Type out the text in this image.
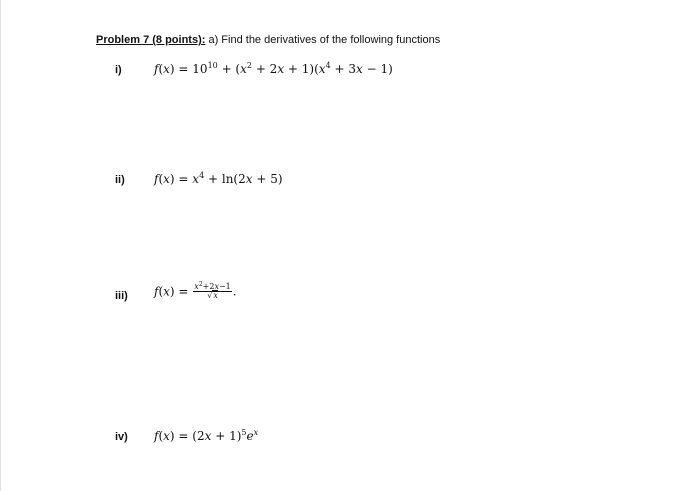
Problem 7 (8 points): a) Find the derivatives of the following functions
i)	$f(x) = 10^{10} + (x^2 + 2x + 1)(x^4 + 3x - 1)$
ii) $f(x) = x^4 + \ln(2x + 5)$
iii) $f(x) = \frac{x^2+2x-1}{√x}$ .
iv) $f(x) = (2x + 1)^5e^x$
